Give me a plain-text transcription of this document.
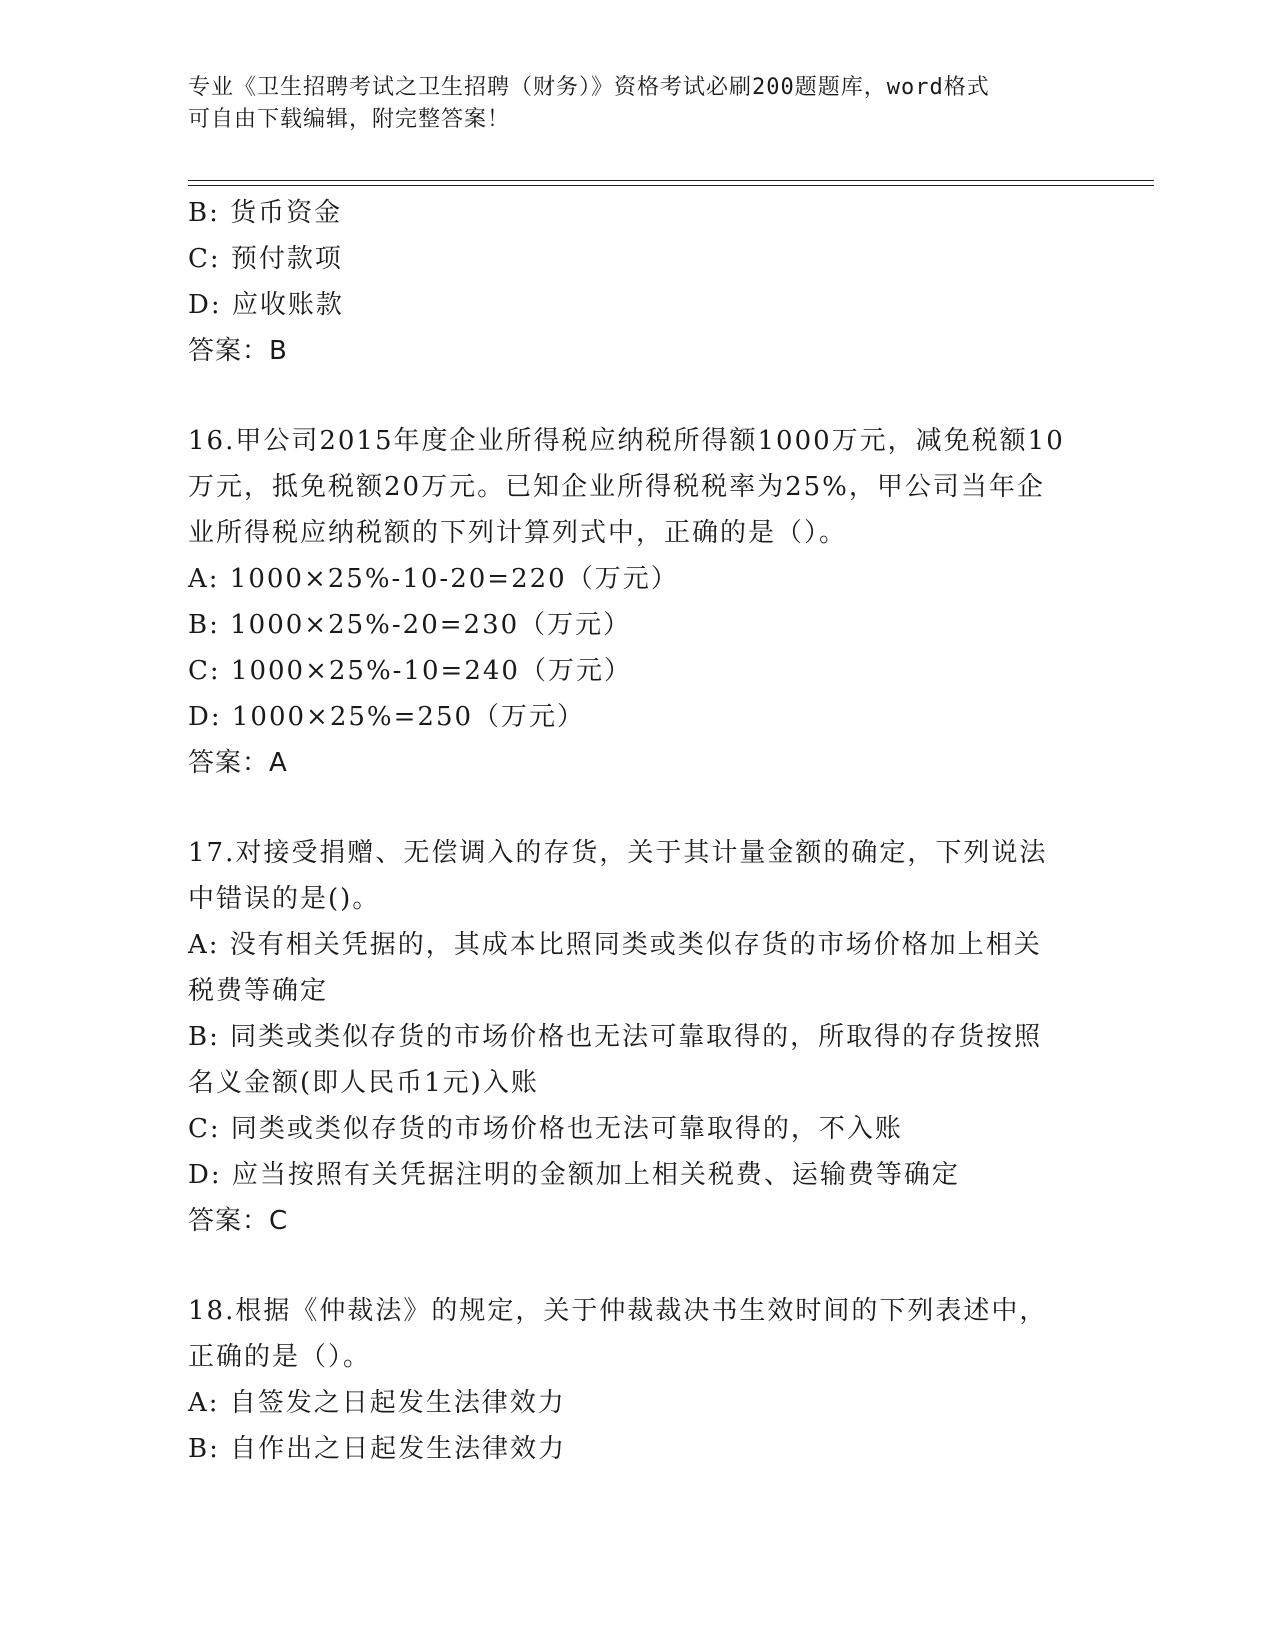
专业《卫生招聘考试之卫生招聘（财务）》资格考试必刷200题题库，word格式
可自由下载编辑，附完整答案！
B: 货币资金
C: 预付款项
D: 应收账款
答案：B
16.甲公司2015年度企业所得税应纳税所得额1000万元，减免税额10
万元，抵免税额20万元。已知企业所得税税率为25%，甲公司当年企
业所得税应纳税额的下列计算列式中，正确的是（）。
A: 1000×25%-10-20=220（万元）
B: 1000×25%-20=230（万元）
C: 1000×25%-10=240（万元）
D: 1000×25%=250（万元）
答案：A
17.对接受捐赠、无偿调入的存货，关于其计量金额的确定，下列说法
中错误的是()。
A: 没有相关凭据的，其成本比照同类或类似存货的市场价格加上相关
税费等确定
B: 同类或类似存货的市场价格也无法可靠取得的，所取得的存货按照
名义金额(即人民币1元)入账
C: 同类或类似存货的市场价格也无法可靠取得的，不入账
D: 应当按照有关凭据注明的金额加上相关税费、运输费等确定
答案：C
18.根据《仲裁法》的规定，关于仲裁裁决书生效时间的下列表述中，
正确的是（）。
A: 自签发之日起发生法律效力
B: 自作出之日起发生法律效力
